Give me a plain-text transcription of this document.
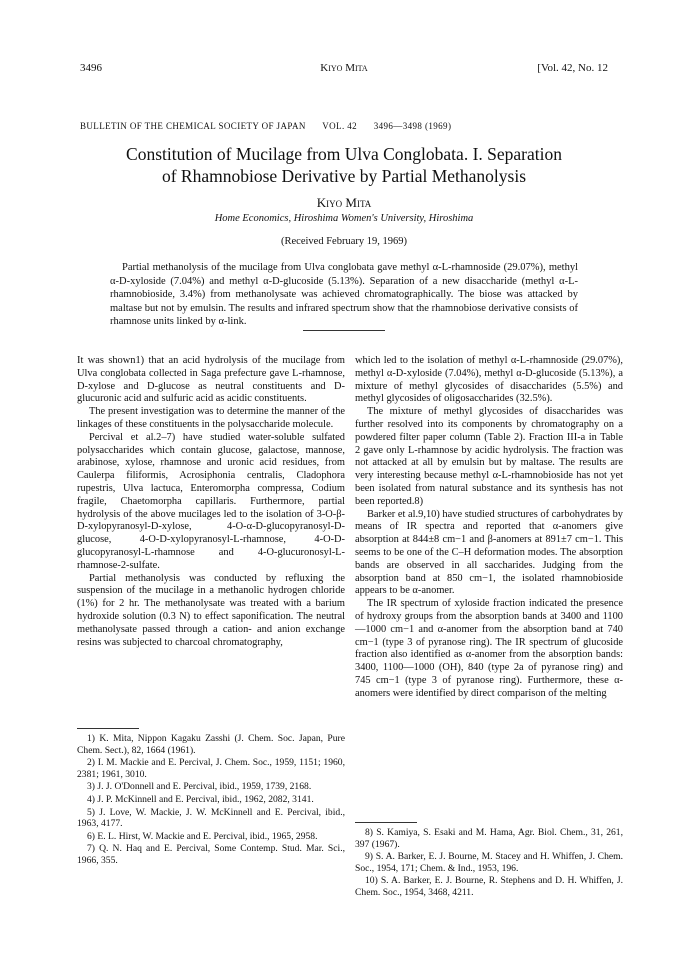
3496	Kiyo Mita	[Vol. 42, No. 12
BULLETIN OF THE CHEMICAL SOCIETY OF JAPAN VOL. 42 3496—3498 (1969)
Constitution of Mucilage from Ulva Conglobata. I. Separation
of Rhamnobiose Derivative by Partial Methanolysis
Kiyo Mita
Home Economics, Hiroshima Women's University, Hiroshima
(Received February 19, 1969)
Partial methanolysis of the mucilage from Ulva conglobata gave methyl α-L-rhamnoside (29.07%), methyl α-D-xyloside (7.04%) and methyl α-D-glucoside (5.13%). Separation of a new disaccharide (methyl α-L-rhamnobioside, 3.4%) from methanolysate was achieved chromatographically. The biose was attacked by maltase but not by emulsin. The results and infrared spectrum show that the rhamnobiose derivative consists of rhamnose units linked by α-link.

It was shown1) that an acid hydrolysis of the mucilage from Ulva conglobata collected in Saga prefecture gave L-rhamnose, D-xylose and D-glucose as neutral constituents and D-glucuronic acid and sulfuric acid as acidic constituents.

The present investigation was to determine the manner of the linkages of these constituents in the polysaccharide molecule.

Percival et al.2–7) have studied water-soluble sulfated polysaccharides which contain glucose, galactose, mannose, arabinose, xylose, rhamnose and uronic acid residues, from Caulerpa filiformis, Acrosiphonia centralis, Cladophora rupestris, Ulva lactuca, Enteromorpha compressa, Codium fragile, Chaetomorpha capillaris. Furthermore, partial hydrolysis of the above mucilages led to the isolation of 3-O-β-D-xylopyranosyl-D-xylose, 4-O-α-D-glucopyranosyl-D-glucose, 4-O-D-xylopyranosyl-L-rhamnose, 4-O-D-glucopyranosyl-L-rhamnose and 4-O-glucuronosyl-L-rhamnose-2-sulfate.

Partial methanolysis was conducted by refluxing the suspension of the mucilage in a methanolic hydrogen chloride (1%) for 2 hr. The methanolysate was treated with a barium hydroxide solution (0.3 N) to effect saponification. The neutral methanolysate passed through a cation- and anion exchange resins was subjected to charcoal chromatography,

which led to the isolation of methyl α-L-rhamnoside (29.07%), methyl α-D-xyloside (7.04%), methyl α-D-glucoside (5.13%), a mixture of methyl glycosides of disaccharides (5.5%) and methyl glycosides of oligosaccharides (32.5%).

The mixture of methyl glycosides of disaccharides was further resolved into its components by chromatography on a powdered filter paper column (Table 2). Fraction III-a in Table 2 gave only L-rhamnose by acidic hydrolysis. The fraction was not attacked at all by emulsin but by maltase. The results are very interesting because methyl α-L-rhamnobioside has not yet been isolated from natural substance and its synthesis has not been reported.8)

Barker et al.9,10) have studied structures of carbohydrates by means of IR spectra and reported that α-anomers give absorption at 844±8 cm−1 and β-anomers at 891±7 cm−1. This seems to be one of the C–H deformation modes. The absorption bands are observed in all saccharides. Judging from the absorption band at 850 cm−1, the isolated rhamnobioside appears to be α-anomer.

The IR spectrum of xyloside fraction indicated the presence of hydroxy groups from the absorption bands at 3400 and 1100—1000 cm−1 and α-anomer from the absorption band at 740 cm−1 (type 3 of pyranose ring). The IR spectrum of glucoside fraction also identified as α-anomer from the absorption bands: 3400, 1100—1000 (OH), 840 (type 2a of pyranose ring) and 745 cm−1 (type 3 of pyranose ring). Furthermore, these α-anomers were identified by direct comparison of the melting

1) K. Mita, Nippon Kagaku Zasshi (J. Chem. Soc. Japan, Pure Chem. Sect.), 82, 1664 (1961).

2) I. M. Mackie and E. Percival, J. Chem. Soc., 1959, 1151; 1960, 2381; 1961, 3010.

3) J. J. O'Donnell and E. Percival, ibid., 1959, 1739, 2168.

4) J. P. McKinnell and E. Percival, ibid., 1962, 2082, 3141.

5) J. Love, W. Mackie, J. W. McKinnell and E. Percival, ibid., 1963, 4177.

6) E. L. Hirst, W. Mackie and E. Percival, ibid., 1965, 2958.

7) Q. N. Haq and E. Percival, Some Contemp. Stud. Mar. Sci., 1966, 355.

8) S. Kamiya, S. Esaki and M. Hama, Agr. Biol. Chem., 31, 261, 397 (1967).

9) S. A. Barker, E. J. Bourne, M. Stacey and H. Whiffen, J. Chem. Soc., 1954, 171; Chem. & Ind., 1953, 196.

10) S. A. Barker, E. J. Bourne, R. Stephens and D. H. Whiffen, J. Chem. Soc., 1954, 3468, 4211.
